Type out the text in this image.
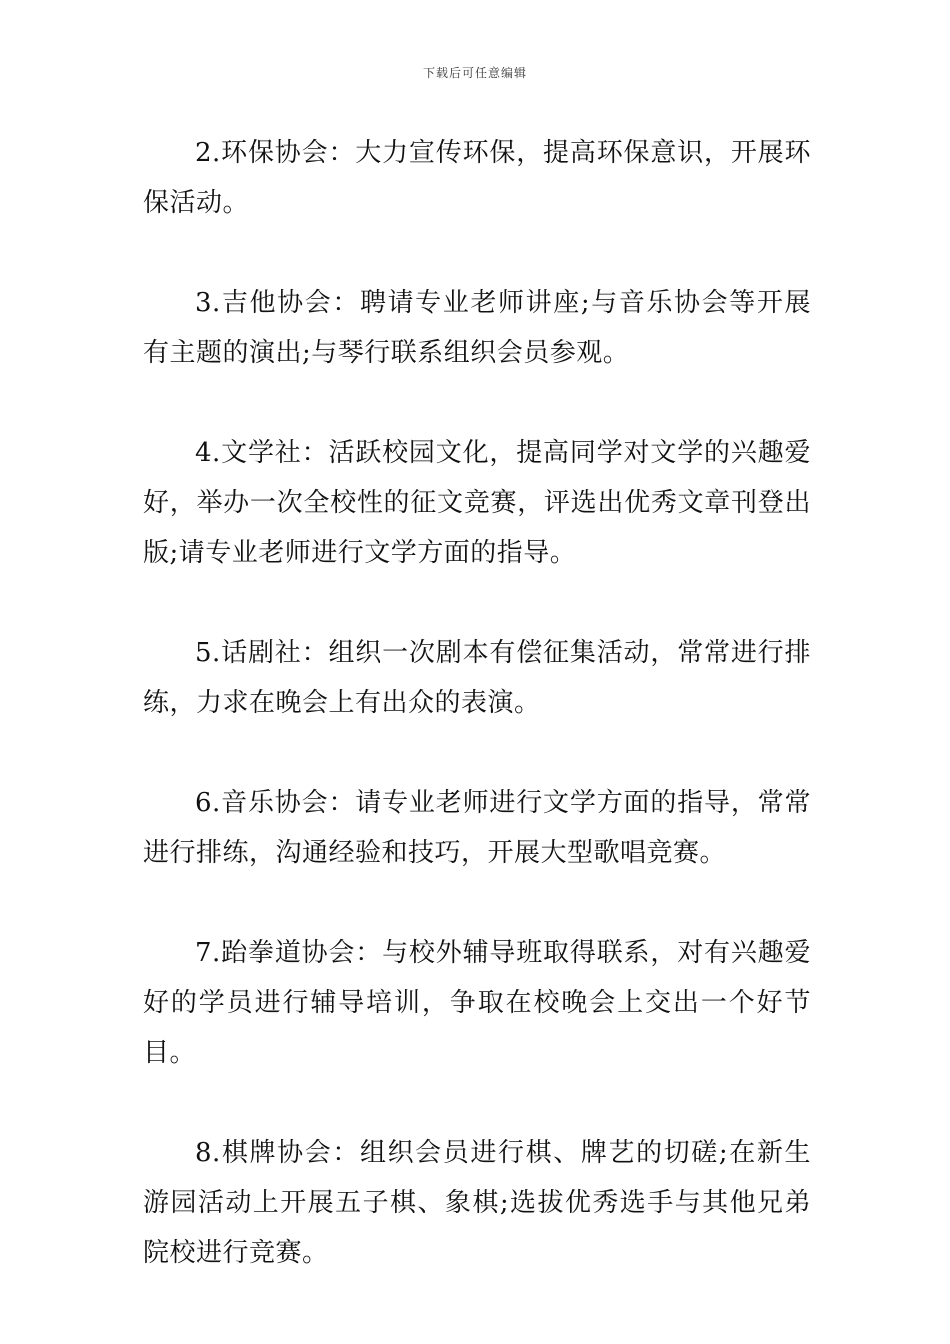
下载后可任意编辑

2.环保协会：大力宣传环保，提高环保意识，开展环保活动。

3.吉他协会：聘请专业老师讲座;与音乐协会等开展有主题的演出;与琴行联系组织会员参观。

4.文学社：活跃校园文化，提高同学对文学的兴趣爱好，举办一次全校性的征文竞赛，评选出优秀文章刊登出版;请专业老师进行文学方面的指导。

5.话剧社：组织一次剧本有偿征集活动，常常进行排练，力求在晚会上有出众的表演。

6.音乐协会：请专业老师进行文学方面的指导，常常进行排练，沟通经验和技巧，开展大型歌唱竞赛。

7.跆拳道协会：与校外辅导班取得联系，对有兴趣爱好的学员进行辅导培训，争取在校晚会上交出一个好节目。

8.棋牌协会：组织会员进行棋、牌艺的切磋;在新生游园活动上开展五子棋、象棋;选拔优秀选手与其他兄弟院校进行竞赛。
